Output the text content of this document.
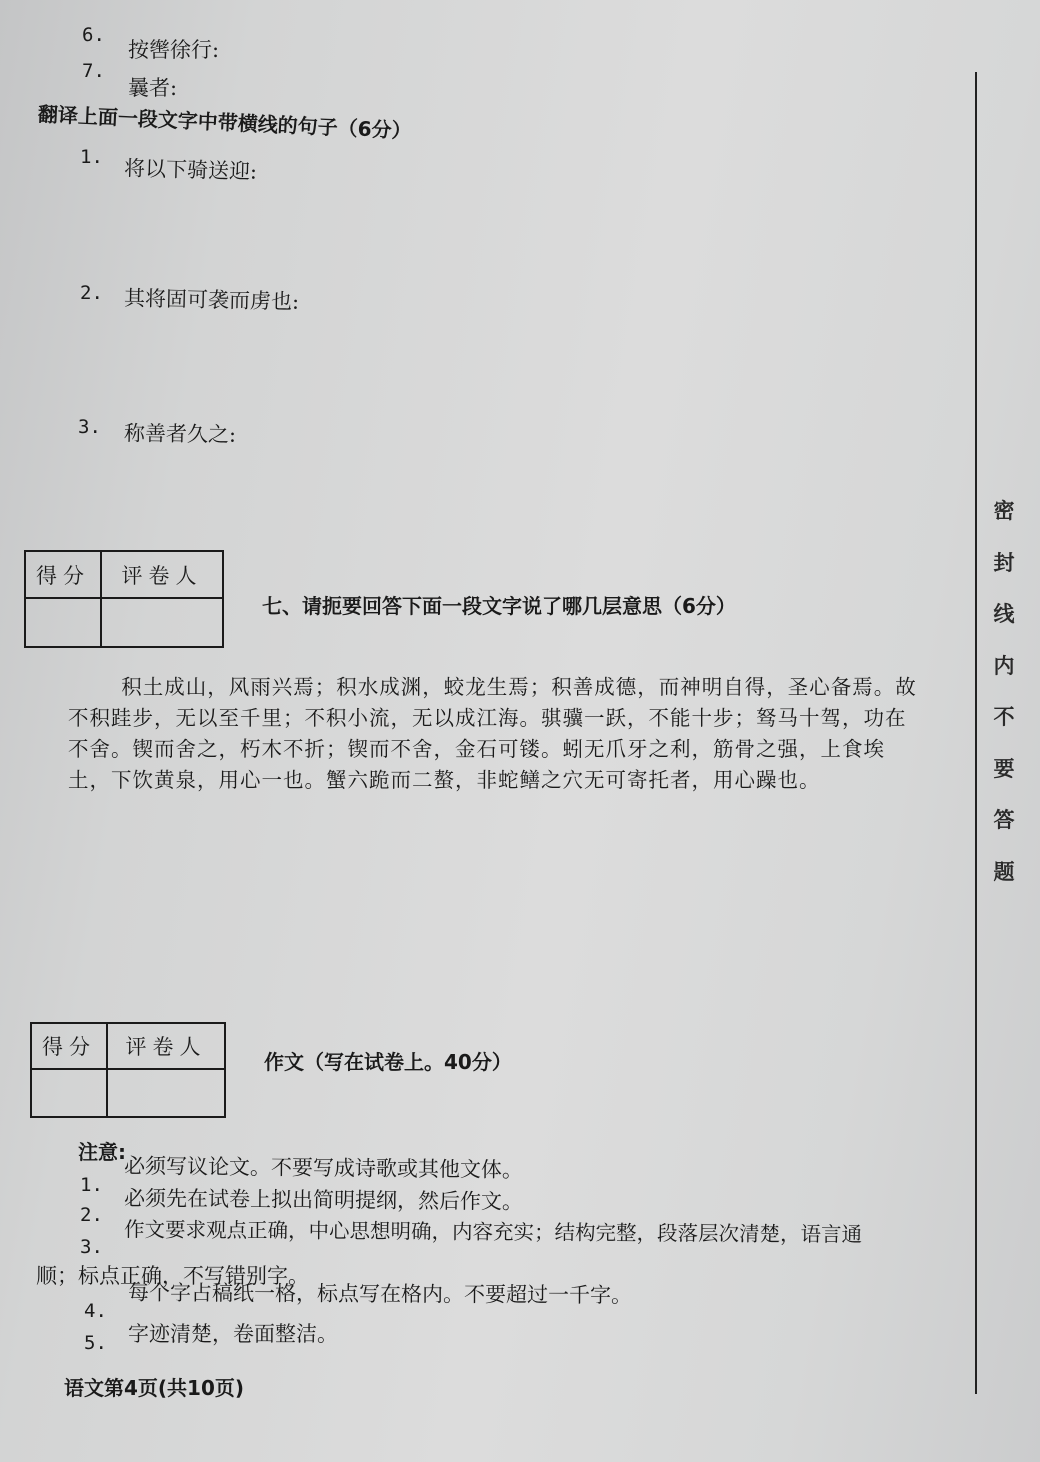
6.
按辔徐行:
7.
曩者:
翻译上面一段文字中带横线的句子（6分）
1. 将以下骑送迎:
2. 其将固可袭而虏也:
3. 称善者久之:
得分	评卷人
七、请扼要回答下面一段文字说了哪几层意思（6分）
积土成山，风雨兴焉；积水成渊，蛟龙生焉；积善成德，而神明自得，圣心备焉。故不积跬步，无以至千里；不积小流，无以成江海。骐骥一跃，不能十步；驽马十驾，功在不舍。锲而舍之，朽木不折；锲而不舍，金石可镂。蚓无爪牙之利，筋骨之强，上食埃土，下饮黄泉，用心一也。蟹六跪而二螯，非蛇鳝之穴无可寄托者，用心躁也。
得分	评卷人
作文（写在试卷上。40分）
注意:
1.
必须写议论文。不要写成诗歌或其他文体。
2.
必须先在试卷上拟出简明提纲，然后作文。
3.
作文要求观点正确，中心思想明确，内容充实；结构完整，段落层次清楚，语言通
顺；标点正确，不写错别字。
4.
每个字占稿纸一格，标点写在格内。不要超过一千字。
5. 字迹清楚，卷面整洁。
语文第4页(共10页)
密
封
线
内
不
要
答
题
